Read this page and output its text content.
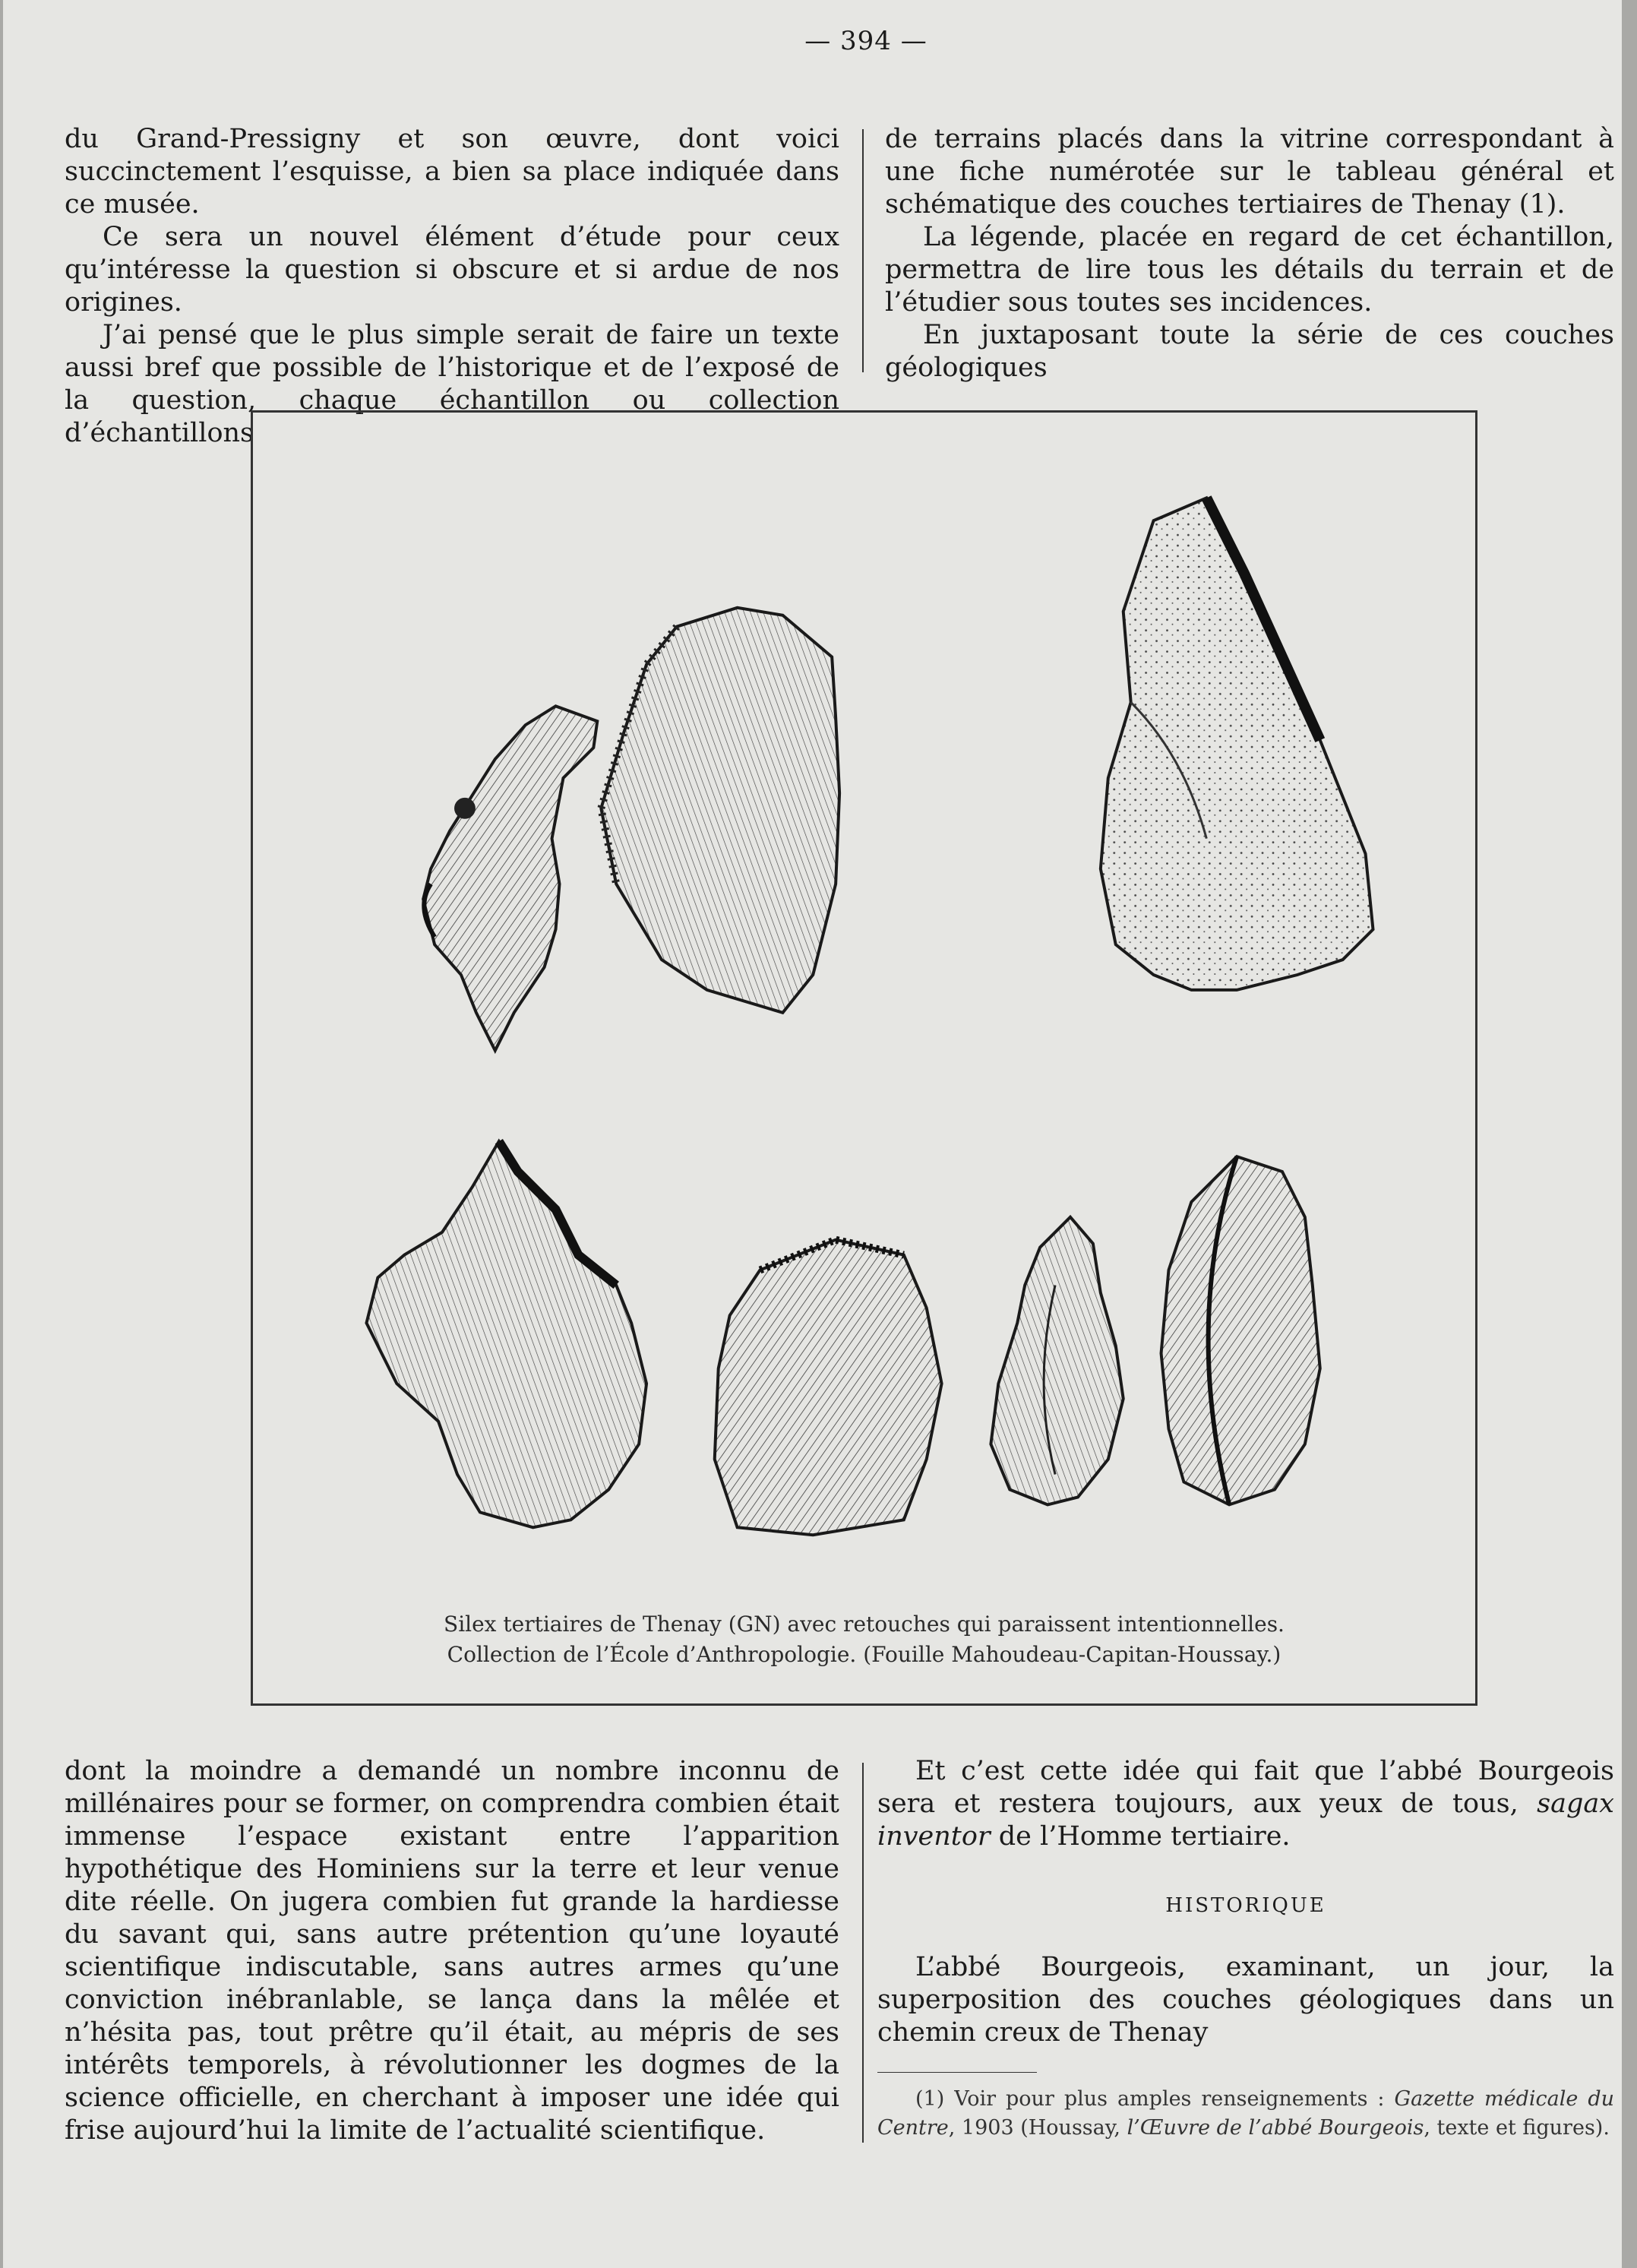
— 394 —

du Grand-Pressigny et son œuvre, dont voici succinctement l’esquisse, a bien sa place indiquée dans ce musée.

Ce sera un nouvel élément d’étude pour ceux qu’intéresse la question si obscure et si ardue de nos origines.

J’ai pensé que le plus simple serait de faire un texte aussi bref que possible de l’historique et de l’exposé de la question, chaque échantillon ou collection d’échantillons

de terrains placés dans la vitrine correspondant à une fiche numérotée sur le tableau général et schématique des couches tertiaires de Thenay (1).

La légende, placée en regard de cet échantillon, permettra de lire tous les détails du terrain et de l’étudier sous toutes ses incidences.

En juxtaposant toute la série de ces couches géologiques

Silex tertiaires de Thenay (GN) avec retouches qui paraissent intentionnelles.
Collection de l’École d’Anthropologie. (Fouille Mahoudeau-Capitan-Houssay.)

dont la moindre a demandé un nombre inconnu de millénaires pour se former, on comprendra combien était immense l’espace existant entre l’apparition hypothétique des Hominiens sur la terre et leur venue dite réelle. On jugera combien fut grande la hardiesse du savant qui, sans autre prétention qu’une loyauté scientifique indiscutable, sans autres armes qu’une conviction inébranlable, se lança dans la mêlée et n’hésita pas, tout prêtre qu’il était, au mépris de ses intérêts temporels, à révolutionner les dogmes de la science officielle, en cherchant à imposer une idée qui frise aujourd’hui la limite de l’actualité scientifique.

Et c’est cette idée qui fait que l’abbé Bourgeois sera et restera toujours, aux yeux de tous, sagax inventor de l’Homme tertiaire.

HISTORIQUE

L’abbé Bourgeois, examinant, un jour, la superposition des couches géologiques dans un chemin creux de Thenay

(1) Voir pour plus amples renseignements : Gazette médicale du Centre, 1903 (Houssay, l’Œuvre de l’abbé Bourgeois, texte et figures).
